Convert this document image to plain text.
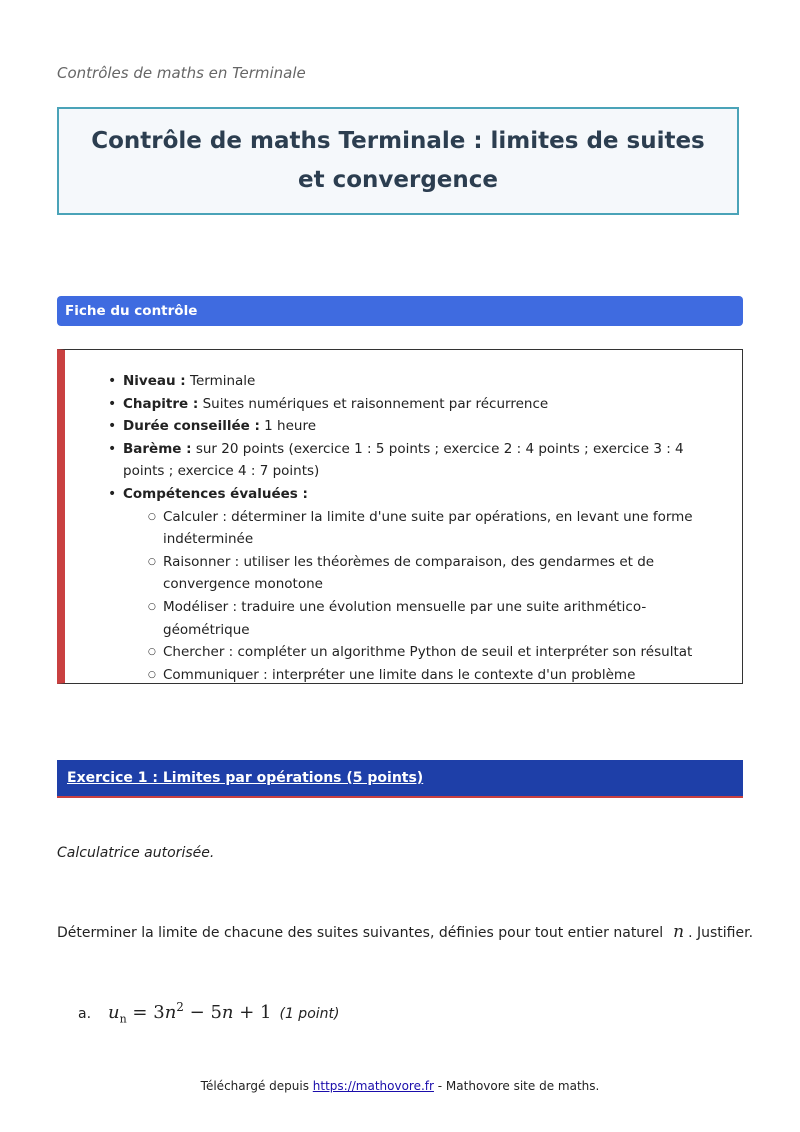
Contrôles de maths en Terminale
Contrôle de maths Terminale : limites de suites et convergence
Fiche du contrôle
• Niveau : Terminale
• Chapitre : Suites numériques et raisonnement par récurrence
• Durée conseillée : 1 heure
• Barème : sur 20 points (exercice 1 : 5 points ; exercice 2 : 4 points ; exercice 3 : 4 points ; exercice 4 : 7 points)
• Compétences évaluées :
○ Calculer : déterminer la limite d'une suite par opérations, en levant une forme indéterminée
○ Raisonner : utiliser les théorèmes de comparaison, des gendarmes et de convergence monotone
○ Modéliser : traduire une évolution mensuelle par une suite arithmético-géométrique
○ Chercher : compléter un algorithme Python de seuil et interpréter son résultat
○ Communiquer : interpréter une limite dans le contexte d'un problème
Exercice 1 : Limites par opérations (5 points)
Calculatrice autorisée.
Déterminer la limite de chacune des suites suivantes, définies pour tout entier naturel n . Justifier.
a. $u_n = 3n^2 - 5n + 1$ (1 point)
Téléchargé depuis https://mathovore.fr - Mathovore site de maths.
